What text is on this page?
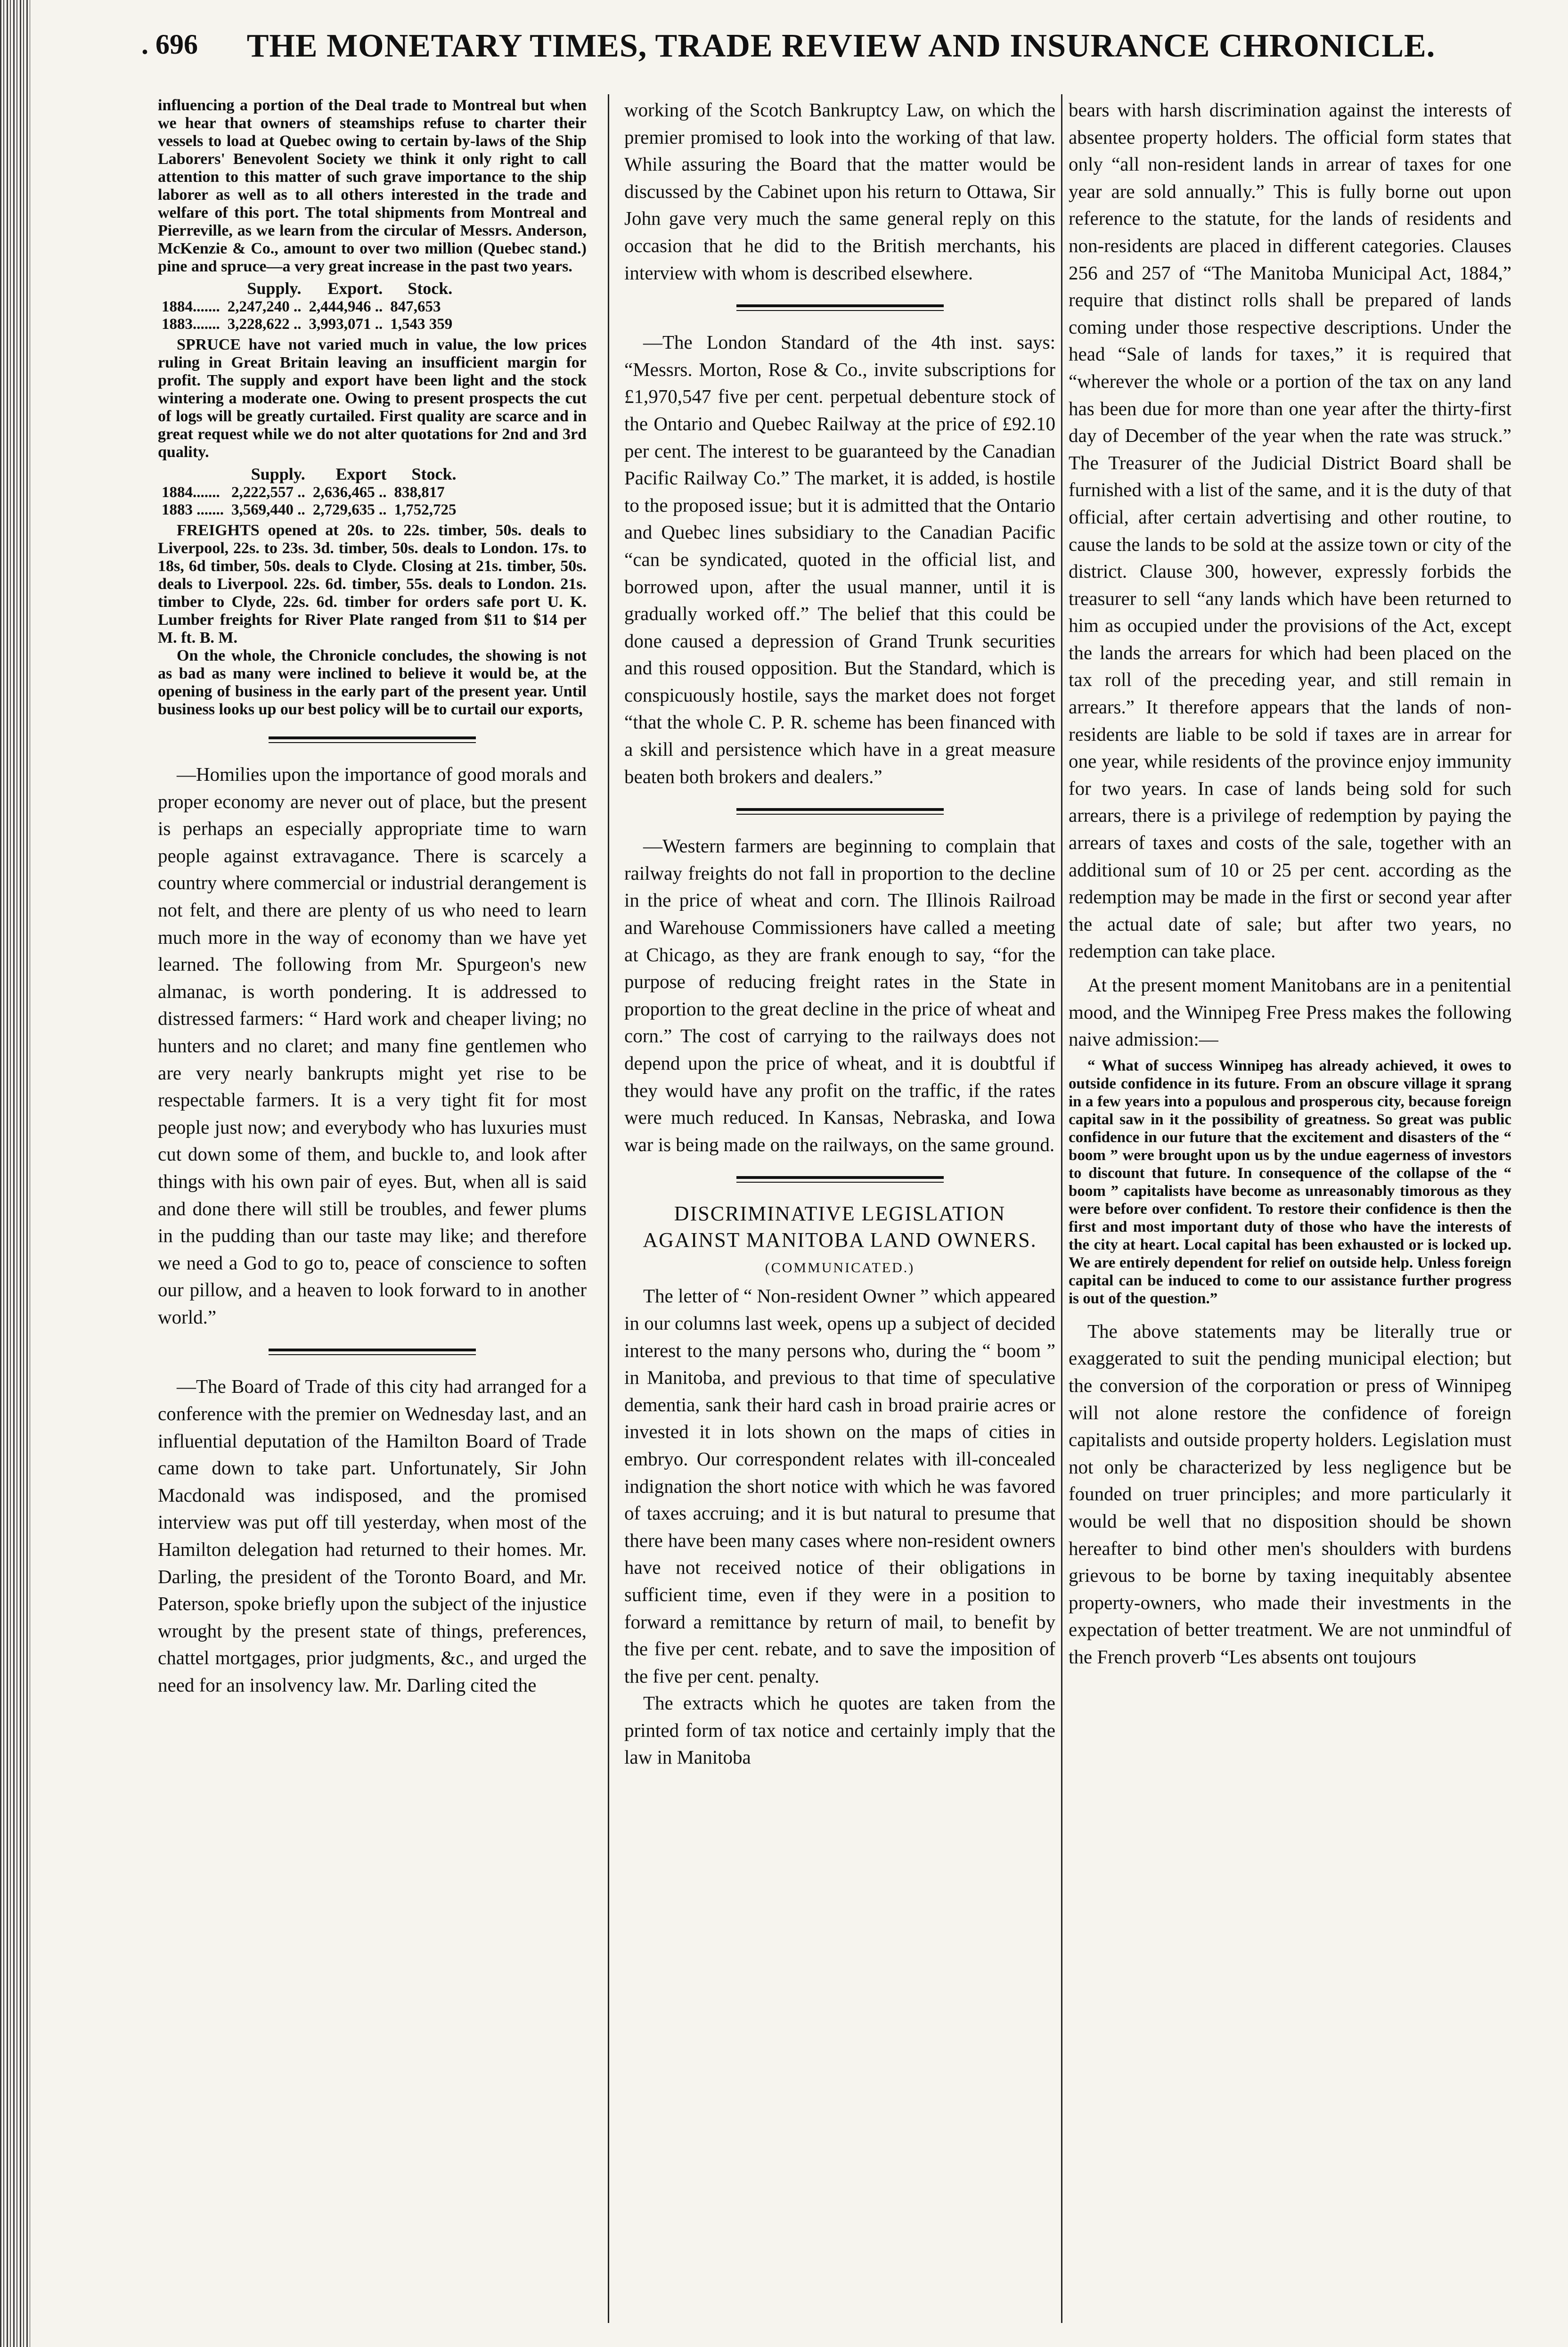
. 696	THE MONETARY TIMES, TRADE REVIEW AND INSURANCE CHRONICLE.

influencing a portion of the Deal trade to Montreal but when we hear that owners of steamships refuse to charter their vessels to load at Quebec owing to certain by-laws of the Ship Laborers' Benevolent Society we think it only right to call attention to this matter of such grave importance to the ship laborer as well as to all others interested in the trade and welfare of this port. The total shipments from Montreal and Pierreville, as we learn from the circular of Messrs. Anderson, McKenzie & Co., amount to over two million (Quebec stand.) pine and spruce—a very great increase in the past two years.

	Supply.	Export.	Stock.
1884.......	2,247,240 ..	2,444,946 ..	847,653
1883.......	3,228,622 ..	3,993,071 ..	1,543 359

SPRUCE have not varied much in value, the low prices ruling in Great Britain leaving an insufficient margin for profit. The supply and export have been light and the stock wintering a moderate one. Owing to present prospects the cut of logs will be greatly curtailed. First quality are scarce and in great request while we do not alter quotations for 2nd and 3rd quality.

	Supply.	Export	Stock.
1884.......	2,222,557 ..	2,636,465 ..	838,817
1883 .......	3,569,440 ..	2,729,635 ..	1,752,725

FREIGHTS opened at 20s. to 22s. timber, 50s. deals to Liverpool, 22s. to 23s. 3d. timber, 50s. deals to London. 17s. to 18s, 6d timber, 50s. deals to Clyde. Closing at 21s. timber, 50s. deals to Liverpool. 22s. 6d. timber, 55s. deals to London. 21s. timber to Clyde, 22s. 6d. timber for orders safe port U. K. Lumber freights for River Plate ranged from $11 to $14 per M. ft. B. M.

On the whole, the Chronicle concludes, the showing is not as bad as many were inclined to believe it would be, at the opening of business in the early part of the present year. Until business looks up our best policy will be to curtail our exports,

—Homilies upon the importance of good morals and proper economy are never out of place, but the present is perhaps an especially appropriate time to warn people against extravagance. There is scarcely a country where commercial or industrial derangement is not felt, and there are plenty of us who need to learn much more in the way of economy than we have yet learned. The following from Mr. Spurgeon's new almanac, is worth pondering. It is addressed to distressed farmers: “ Hard work and cheaper living; no hunters and no claret; and many fine gentlemen who are very nearly bankrupts might yet rise to be respectable farmers. It is a very tight fit for most people just now; and everybody who has luxuries must cut down some of them, and buckle to, and look after things with his own pair of eyes. But, when all is said and done there will still be troubles, and fewer plums in the pudding than our taste may like; and therefore we need a God to go to, peace of conscience to soften our pillow, and a heaven to look forward to in another world.”

—The Board of Trade of this city had arranged for a conference with the premier on Wednesday last, and an influential deputation of the Hamilton Board of Trade came down to take part. Unfortunately, Sir John Macdonald was indisposed, and the promised interview was put off till yesterday, when most of the Hamilton delegation had returned to their homes. Mr. Darling, the president of the Toronto Board, and Mr. Paterson, spoke briefly upon the subject of the injustice wrought by the present state of things, preferences, chattel mortgages, prior judgments, &c., and urged the need for an insolvency law. Mr. Darling cited the

working of the Scotch Bankruptcy Law, on which the premier promised to look into the working of that law. While assuring the Board that the matter would be discussed by the Cabinet upon his return to Ottawa, Sir John gave very much the same general reply on this occasion that he did to the British merchants, his interview with whom is described elsewhere.

—The London Standard of the 4th inst. says: “Messrs. Morton, Rose & Co., invite subscriptions for £1,970,547 five per cent. perpetual debenture stock of the Ontario and Quebec Railway at the price of £92.10 per cent. The interest to be guaranteed by the Canadian Pacific Railway Co.” The market, it is added, is hostile to the proposed issue; but it is admitted that the Ontario and Quebec lines subsidiary to the Canadian Pacific “can be syndicated, quoted in the official list, and borrowed upon, after the usual manner, until it is gradually worked off.” The belief that this could be done caused a depression of Grand Trunk securities and this roused opposition. But the Standard, which is conspicuously hostile, says the market does not forget “that the whole C. P. R. scheme has been financed with a skill and persistence which have in a great measure beaten both brokers and dealers.”

—Western farmers are beginning to complain that railway freights do not fall in proportion to the decline in the price of wheat and corn. The Illinois Railroad and Warehouse Commissioners have called a meeting at Chicago, as they are frank enough to say, “for the purpose of reducing freight rates in the State in proportion to the great decline in the price of wheat and corn.” The cost of carrying to the railways does not depend upon the price of wheat, and it is doubtful if they would have any profit on the traffic, if the rates were much reduced. In Kansas, Nebraska, and Iowa war is being made on the railways, on the same ground.

DISCRIMINATIVE LEGISLATION AGAINST MANITOBA LAND OWNERS.
(COMMUNICATED.)

The letter of “ Non-resident Owner ” which appeared in our columns last week, opens up a subject of decided interest to the many persons who, during the “ boom ” in Manitoba, and previous to that time of speculative dementia, sank their hard cash in broad prairie acres or invested it in lots shown on the maps of cities in embryo. Our correspondent relates with ill-concealed indignation the short notice with which he was favored of taxes accruing; and it is but natural to presume that there have been many cases where non-resident owners have not received notice of their obligations in sufficient time, even if they were in a position to forward a remittance by return of mail, to benefit by the five per cent. rebate, and to save the imposition of the five per cent. penalty.

The extracts which he quotes are taken from the printed form of tax notice and certainly imply that the law in Manitoba

bears with harsh discrimination against the interests of absentee property holders. The official form states that only “all non-resident lands in arrear of taxes for one year are sold annually.” This is fully borne out upon reference to the statute, for the lands of residents and non-residents are placed in different categories. Clauses 256 and 257 of “The Manitoba Municipal Act, 1884,” require that distinct rolls shall be prepared of lands coming under those respective descriptions. Under the head “Sale of lands for taxes,” it is required that “wherever the whole or a portion of the tax on any land has been due for more than one year after the thirty-first day of December of the year when the rate was struck.” The Treasurer of the Judicial District Board shall be furnished with a list of the same, and it is the duty of that official, after certain advertising and other routine, to cause the lands to be sold at the assize town or city of the district. Clause 300, however, expressly forbids the treasurer to sell “any lands which have been returned to him as occupied under the provisions of the Act, except the lands the arrears for which had been placed on the tax roll of the preceding year, and still remain in arrears.” It therefore appears that the lands of non-residents are liable to be sold if taxes are in arrear for one year, while residents of the province enjoy immunity for two years. In case of lands being sold for such arrears, there is a privilege of redemption by paying the arrears of taxes and costs of the sale, together with an additional sum of 10 or 25 per cent. according as the redemption may be made in the first or second year after the actual date of sale; but after two years, no redemption can take place.

At the present moment Manitobans are in a penitential mood, and the Winnipeg Free Press makes the following naive admission:—

“ What of success Winnipeg has already achieved, it owes to outside confidence in its future. From an obscure village it sprang in a few years into a populous and prosperous city, because foreign capital saw in it the possibility of greatness. So great was public confidence in our future that the excitement and disasters of the “ boom ” were brought upon us by the undue eagerness of investors to discount that future. In consequence of the collapse of the “ boom ” capitalists have become as unreasonably timorous as they were before over confident. To restore their confidence is then the first and most important duty of those who have the interests of the city at heart. Local capital has been exhausted or is locked up. We are entirely dependent for relief on outside help. Unless foreign capital can be induced to come to our assistance further progress is out of the question.”

The above statements may be literally true or exaggerated to suit the pending municipal election; but the conversion of the corporation or press of Winnipeg will not alone restore the confidence of foreign capitalists and outside property holders. Legislation must not only be characterized by less negligence but be founded on truer principles; and more particularly it would be well that no disposition should be shown hereafter to bind other men's shoulders with burdens grievous to be borne by taxing inequitably absentee property-owners, who made their investments in the expectation of better treatment. We are not unmindful of the French proverb “Les absents ont toujours
